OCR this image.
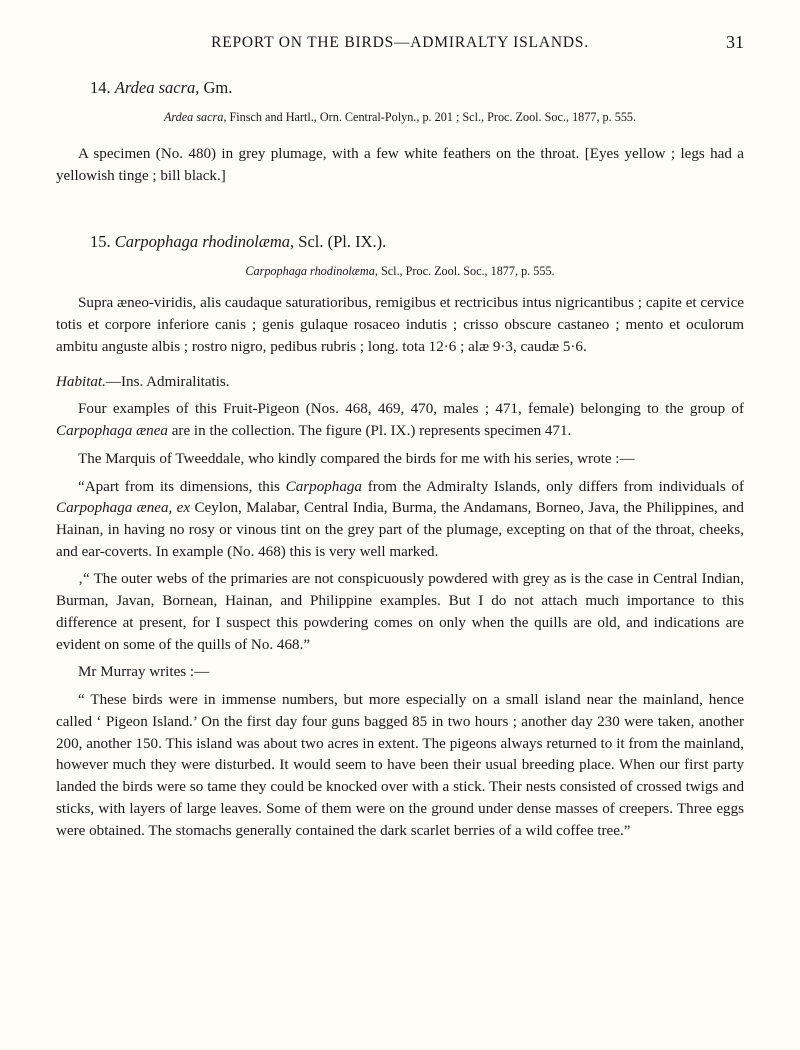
REPORT ON THE BIRDS—ADMIRALTY ISLANDS.	31
14. Ardea sacra, Gm.
Ardea sacra, Finsch and Hartl., Orn. Central-Polyn., p. 201 ; Scl., Proc. Zool. Soc., 1877, p. 555.

A specimen (No. 480) in grey plumage, with a few white feathers on the throat. [Eyes yellow ; legs had a yellowish tinge ; bill black.]

15. Carpophaga rhodinolæma, Scl. (Pl. IX.).
Carpophaga rhodinolæma, Scl., Proc. Zool. Soc., 1877, p. 555.

Supra æneo-viridis, alis caudaque saturatioribus, remigibus et rectricibus intus nigricantibus ; capite et cervice totis et corpore inferiore canis ; genis gulaque rosaceo indutis ; crisso obscure castaneo ; mento et oculorum ambitu anguste albis ; rostro nigro, pedibus rubris ; long. tota 12·6 ; alæ 9·3, caudæ 5·6.

Habitat.—Ins. Admiralitatis.

Four examples of this Fruit-Pigeon (Nos. 468, 469, 470, males ; 471, female) belonging to the group of Carpophaga ænea are in the collection. The figure (Pl. IX.) represents specimen 471.

The Marquis of Tweeddale, who kindly compared the birds for me with his series, wrote :—

“Apart from its dimensions, this Carpophaga from the Admiralty Islands, only differs from individuals of Carpophaga ænea, ex Ceylon, Malabar, Central India, Burma, the Andamans, Borneo, Java, the Philippines, and Hainan, in having no rosy or vinous tint on the grey part of the plumage, excepting on that of the throat, cheeks, and ear-coverts. In example (No. 468) this is very well marked.

‚“ The outer webs of the primaries are not conspicuously powdered with grey as is the case in Central Indian, Burman, Javan, Bornean, Hainan, and Philippine examples. But I do not attach much importance to this difference at present, for I suspect this powdering comes on only when the quills are old, and indications are evident on some of the quills of No. 468.”

Mr Murray writes :—

“ These birds were in immense numbers, but more especially on a small island near the mainland, hence called ‘ Pigeon Island.’ On the first day four guns bagged 85 in two hours ; another day 230 were taken, another 200, another 150. This island was about two acres in extent. The pigeons always returned to it from the mainland, however much they were disturbed. It would seem to have been their usual breeding place. When our first party landed the birds were so tame they could be knocked over with a stick. Their nests consisted of crossed twigs and sticks, with layers of large leaves. Some of them were on the ground under dense masses of creepers. Three eggs were obtained. The stomachs generally contained the dark scarlet berries of a wild coffee tree.”
